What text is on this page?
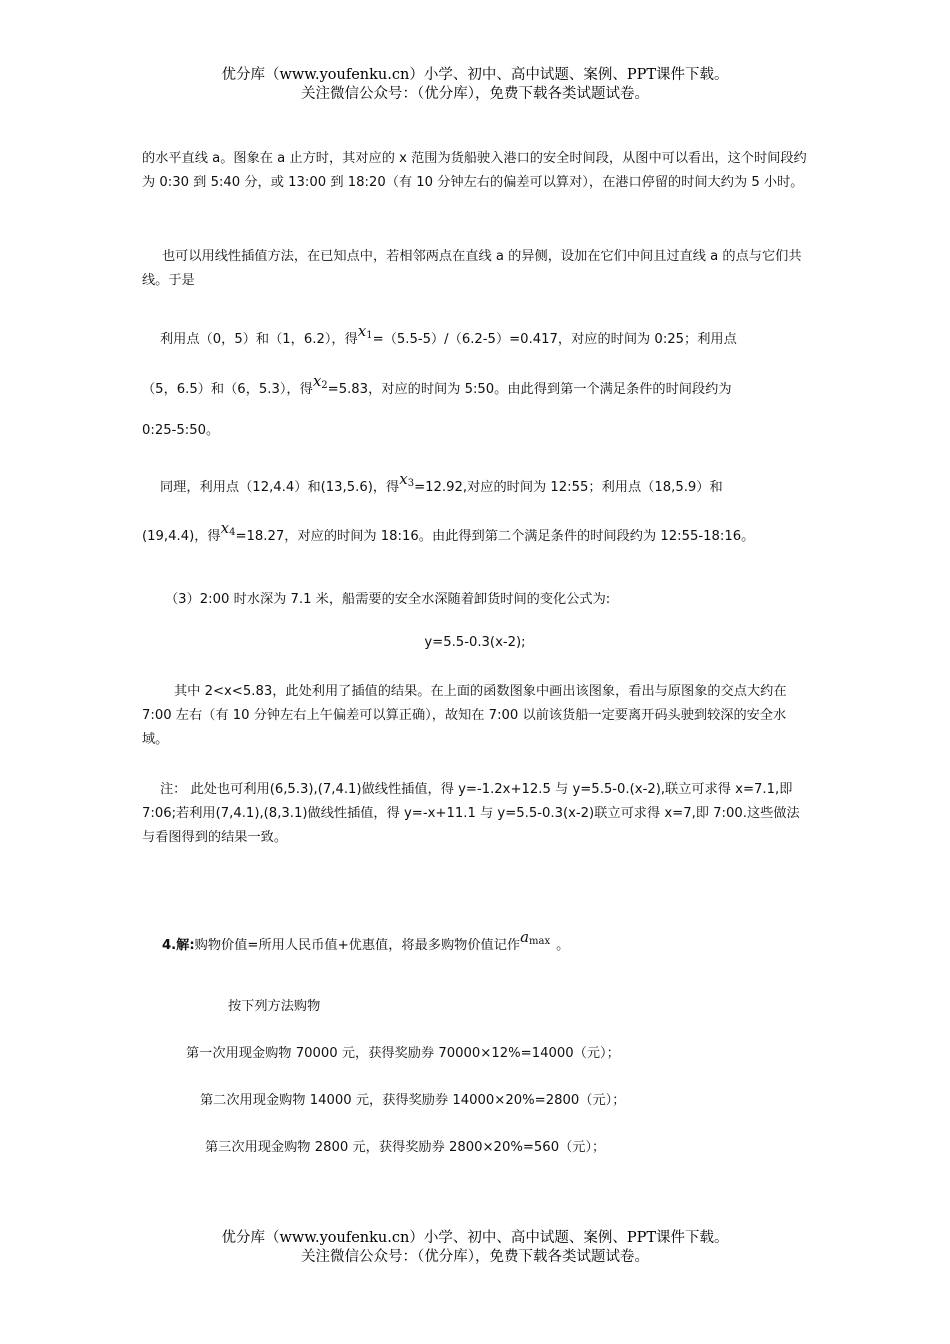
优分库（www.youfenku.cn）小学、初中、高中试题、案例、PPT课件下载。
关注微信公众号：（优分库），免费下载各类试题试卷。
的水平直线 a。图象在 a 止方时，其对应的 x 范围为货船驶入港口的安全时间段，从图中可以看出，这个时间段约为 0:30 到 5:40 分，或 13:00 到 18:20（有 10 分钟左右的偏差可以算对），在港口停留的时间大约为 5 小时。
也可以用线性插值方法，在已知点中，若相邻两点在直线 a 的异侧，设加在它们中间且过直线 a 的点与它们共线。于是
利用点（0，5）和（1，6.2），得$x_1=(5.5-5)/(6.2-5)=0.417$，对应的时间为 0:25；利用点
（5，6.5）和（6，5.3），得$x_2=5.83$，对应的时间为 5:50。由此得到第一个满足条件的时间段约为
0:25-5:50。
同理，利用点（12,4.4）和(13,5.6)，得$x_3=12.92$,对应的时间为 12:55；利用点（18,5.9）和
(19,4.4)，得$x_4=18.27$，对应的时间为 18:16。由此得到第二个满足条件的时间段约为 12:55-18:16。
（3）2:00 时水深为 7.1 米，船需要的安全水深随着卸货时间的变化公式为:
y=5.5-0.3(x-2);
其中 2<x<5.83，此处利用了插值的结果。在上面的函数图象中画出该图象，看出与原图象的交点大约在 7:00 左右（有 10 分钟左右上午偏差可以算正确），故知在 7:00 以前该货船一定要离开码头驶到较深的安全水域。
注： 此处也可利用(6,5.3),(7,4.1)做线性插值，得 y=-1.2x+12.5 与 y=5.5-0.(x-2),联立可求得 x=7.1,即 7:06;若利用(7,4.1),(8,3.1)做线性插值，得 y=-x+11.1 与 y=5.5-0.3(x-2)联立可求得 x=7,即 7:00.这些做法与看图得到的结果一致。
4.解:购物价值=所用人民币值+优惠值，将最多购物价值记作$a_{max}$ 。
按下列方法购物
第一次用现金购物 70000 元，获得奖励券 70000×12%=14000（元）；
第二次用现金购物 14000 元，获得奖励券 14000×20%=2800（元）；
第三次用现金购物 2800 元，获得奖励券 2800×20%=560（元）；
优分库（www.youfenku.cn）小学、初中、高中试题、案例、PPT课件下载。
关注微信公众号：（优分库），免费下载各类试题试卷。
